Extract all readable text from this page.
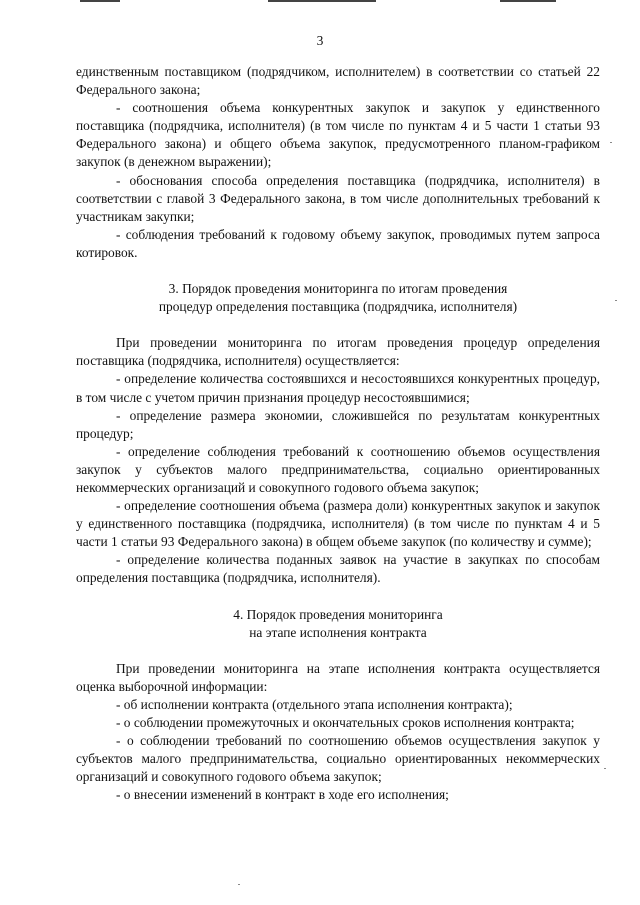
3

единственным поставщиком (подрядчиком, исполнителем) в соответствии со статьей 22 Федерального закона;

- соотношения объема конкурентных закупок и закупок у единственного поставщика (подрядчика, исполнителя) (в том числе по пунктам 4 и 5 части 1 статьи 93 Федерального закона) и общего объема закупок, предусмотренного планом-графиком закупок (в денежном выражении);

- обоснования способа определения поставщика (подрядчика, исполнителя) в соответствии с главой 3 Федерального закона, в том числе дополнительных требований к участникам закупки;

- соблюдения требований к годовому объему закупок, проводимых путем запроса котировок.

3. Порядок проведения мониторинга по итогам проведения

процедур определения поставщика (подрядчика, исполнителя)

При проведении мониторинга по итогам проведения процедур определения поставщика (подрядчика, исполнителя) осуществляется:

- определение количества состоявшихся и несостоявшихся конкурентных процедур, в том числе с учетом причин признания процедур несостоявшимися;

- определение размера экономии, сложившейся по результатам конкурентных процедур;

- определение соблюдения требований к соотношению объемов осуществления закупок у субъектов малого предпринимательства, социально ориентированных некоммерческих организаций и совокупного годового объема закупок;

- определение соотношения объема (размера доли) конкурентных закупок и закупок у единственного поставщика (подрядчика, исполнителя) (в том числе по пунктам 4 и 5 части 1 статьи 93 Федерального закона) в общем объеме закупок (по количеству и сумме);

- определение количества поданных заявок на участие в закупках по способам определения поставщика (подрядчика, исполнителя).

4. Порядок проведения мониторинга

на этапе исполнения контракта

При проведении мониторинга на этапе исполнения контракта осуществляется оценка выборочной информации:

- об исполнении контракта (отдельного этапа исполнения контракта);

- о соблюдении промежуточных и окончательных сроков исполнения контракта;

- о соблюдении требований по соотношению объемов осуществления закупок у субъектов малого предпринимательства, социально ориентированных некоммерческих организаций и совокупного годового объема закупок;

- о внесении изменений в контракт в ходе его исполнения;
